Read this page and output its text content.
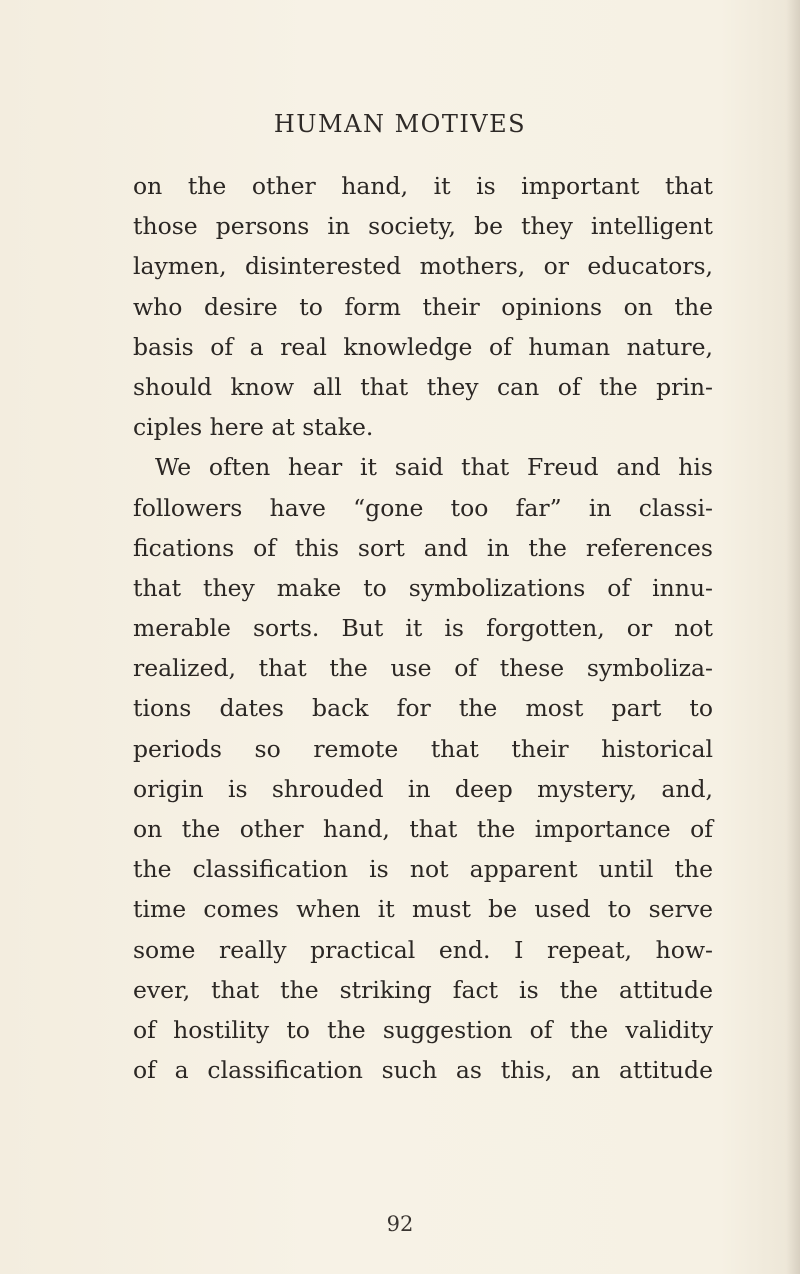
HUMAN MOTIVES
on the other hand, it is important that
those persons in society, be they intelligent
laymen, disinterested mothers, or educators,
who desire to form their opinions on the
basis of a real knowledge of human nature,
should know all that they can of the prin-
ciples here at stake.
We often hear it said that Freud and his
followers have “gone too far” in classi-
fications of this sort and in the references
that they make to symbolizations of innu-
merable sorts. But it is forgotten, or not
realized, that the use of these symboliza-
tions dates back for the most part to
periods so remote that their historical
origin is shrouded in deep mystery, and,
on the other hand, that the importance of
the classification is not apparent until the
time comes when it must be used to serve
some really practical end. I repeat, how-
ever, that the striking fact is the attitude
of hostility to the suggestion of the validity
of a classification such as this, an attitude
92
